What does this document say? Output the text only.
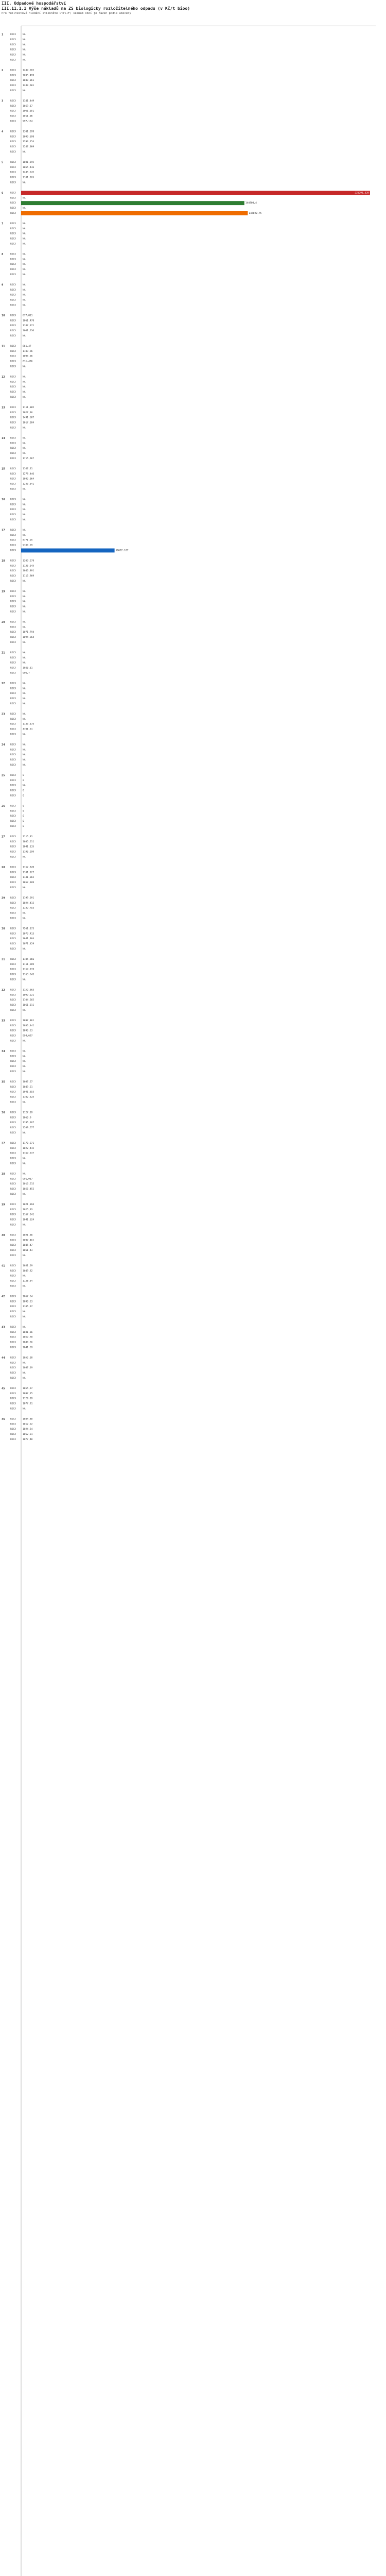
III. Odpadové hospodářství
III.11.1.1 Výše nákladů na ZS biologicky rozložitelného odpadu (v Kč/t bioo)
Pro fulltextové hledání stiskněte Ctrl+F; seznam obcí je řazen podle abecedy
1	ROCX	NA
ROCX	NA
ROCX	NA
ROCX	NA
ROCX	NA
ROCX	NA
2	ROCX	1249,265
ROCX	1095,499
ROCX	1048,061
ROCX	1240,601
ROCX	NA
3	ROCX	1341,449
ROCX	1669,17
ROCX	1061,051
ROCX	1011,06
ROCX	997,154
4	ROCX	1301,399
ROCX	1099,698
ROCX	1293,154
ROCX	1247,089
ROCX	NA
5	ROCX	1081,695
ROCX	1065,436
ROCX	1245,245
ROCX	1101,026
ROCX	NA
6	ROCX	226291,329
ROCX	NA
ROCX	144800,4
ROCX	NA
ROCX	147020,75
7	ROCX	NA
ROCX	NA
ROCX	NA
ROCX	NA
ROCX	NA
8	ROCX	NA
ROCX	NA
ROCX	NA
ROCX	NA
ROCX	NA
9	ROCX	NA
ROCX	NA
ROCX	NA
ROCX	NA
ROCX	NA
10 ROCX	877,811
ROCX	1061,478
ROCX	1187,371
ROCX	1061,236
ROCX	NA
11 ROCX	861,47
ROCX	1109,96
ROCX	1096,96
ROCX	831,486
ROCX	NA
12 ROCX	NA
ROCX	NA
ROCX	NA
ROCX	NA
ROCX	NA
13 ROCX	1111,005
ROCX	1027,36
ROCX	1491,687
ROCX	1017,384
ROCX	NA
14 ROCX	NA
ROCX	NA
ROCX	NA
ROCX	NA
ROCX	1715,667
15 ROCX	1167,31
ROCX	1278,446
ROCX	1082,064
ROCX	1243,641
ROCX	NA
16 ROCX	NA
ROCX	NA
ROCX	NA
ROCX	NA
ROCX	NA
17 ROCX	NA
ROCX	NA
ROCX	8771,25
ROCX	9100,29
ROCX	60622,107
18 ROCX	1209,278
ROCX	1135,145
ROCX	1046,891
ROCX	1115,969
ROCX	NA
19 ROCX	NA
ROCX	NA
ROCX	NA
ROCX	NA
ROCX	NA
20 ROCX	NA
ROCX	NA
ROCX	1071,794
ROCX	1094,264
ROCX	NA
21 ROCX	NA
ROCX	NA
ROCX	NA
ROCX	1026,31
ROCX	996,7
22 ROCX	NA
ROCX	NA
ROCX	NA
ROCX	NA
ROCX	NA
23 ROCX	NA
ROCX	NA
ROCX	1143,375
ROCX	4701,61
ROCX	NA
24 ROCX	NA
ROCX	NA
ROCX	NA
ROCX	NA
ROCX	NA
25 ROCX	0
ROCX	0
ROCX	NA
ROCX	0
ROCX	0
26 ROCX	0
ROCX	0
ROCX	0
ROCX	0
ROCX	0
27 ROCX	1115,81
ROCX	1085,611
ROCX	1041,135
ROCX	1196,299
ROCX	NA
28 ROCX	1152,849
ROCX	1101,127
ROCX	1131,362
ROCX	1052,109
ROCX	NA
29 ROCX	1199,691
ROCX	1024,412
ROCX	1189,753
ROCX	NA
ROCX	NA
30 ROCX	7561,173
ROCX	1073,413
ROCX	3641,364
ROCX	1071,429
ROCX	NA
31 ROCX	1105,866
ROCX	1111,209
ROCX	1159,919
ROCX	1163,543
ROCX	NA
32 ROCX	1152,563
ROCX	1099,221
ROCX	1104,265
ROCX	1061,011
ROCX	NA
33 ROCX	1097,861
ROCX	1036,441
ROCX	1096,53
ROCX	994,697
ROCX	NA
34 ROCX	NA
ROCX	NA
ROCX	NA
ROCX	NA
ROCX	NA
35 ROCX	1087,67
ROCX	1049,21
ROCX	1041,553
ROCX	1102,525
ROCX	NA
36 ROCX	1127,09
ROCX	1060,9
ROCX	1195,167
ROCX	1209,577
ROCX	NA
37 ROCX	1170,271
ROCX	1022,415
ROCX	1169,637
ROCX	NA
ROCX	NA
38 ROCX	NA
ROCX	991,937
ROCX	1016,515
ROCX	1056,452
ROCX	NA
39 ROCX	1021,094
ROCX	1025,93
ROCX	1167,241
ROCX	1041,624
ROCX	NA
40 ROCX	1021,36
ROCX	1097,461
ROCX	1045,47
ROCX	1061,43
ROCX	NA
41 ROCX	1051,29
ROCX	1049,82
ROCX	NA
ROCX	1128,54
ROCX	NA
42 ROCX	1067,54
ROCX	1090,33
ROCX	1105,97
ROCX	NA
ROCX	NA
43 ROCX	NA
ROCX	1031,66
ROCX	1059,78
ROCX	1040,56
ROCX	1041,59
44 ROCX	1052,38
ROCX	NA
ROCX	1087,19
ROCX	NA
ROCX	NA
45 ROCX	1055,97
ROCX	1097,15
ROCX	1129,09
ROCX	1077,91
ROCX	NA
46 ROCX	1034,88
ROCX	1012,22
ROCX	1024,54
ROCX	1062,21
ROCX	1077,48
